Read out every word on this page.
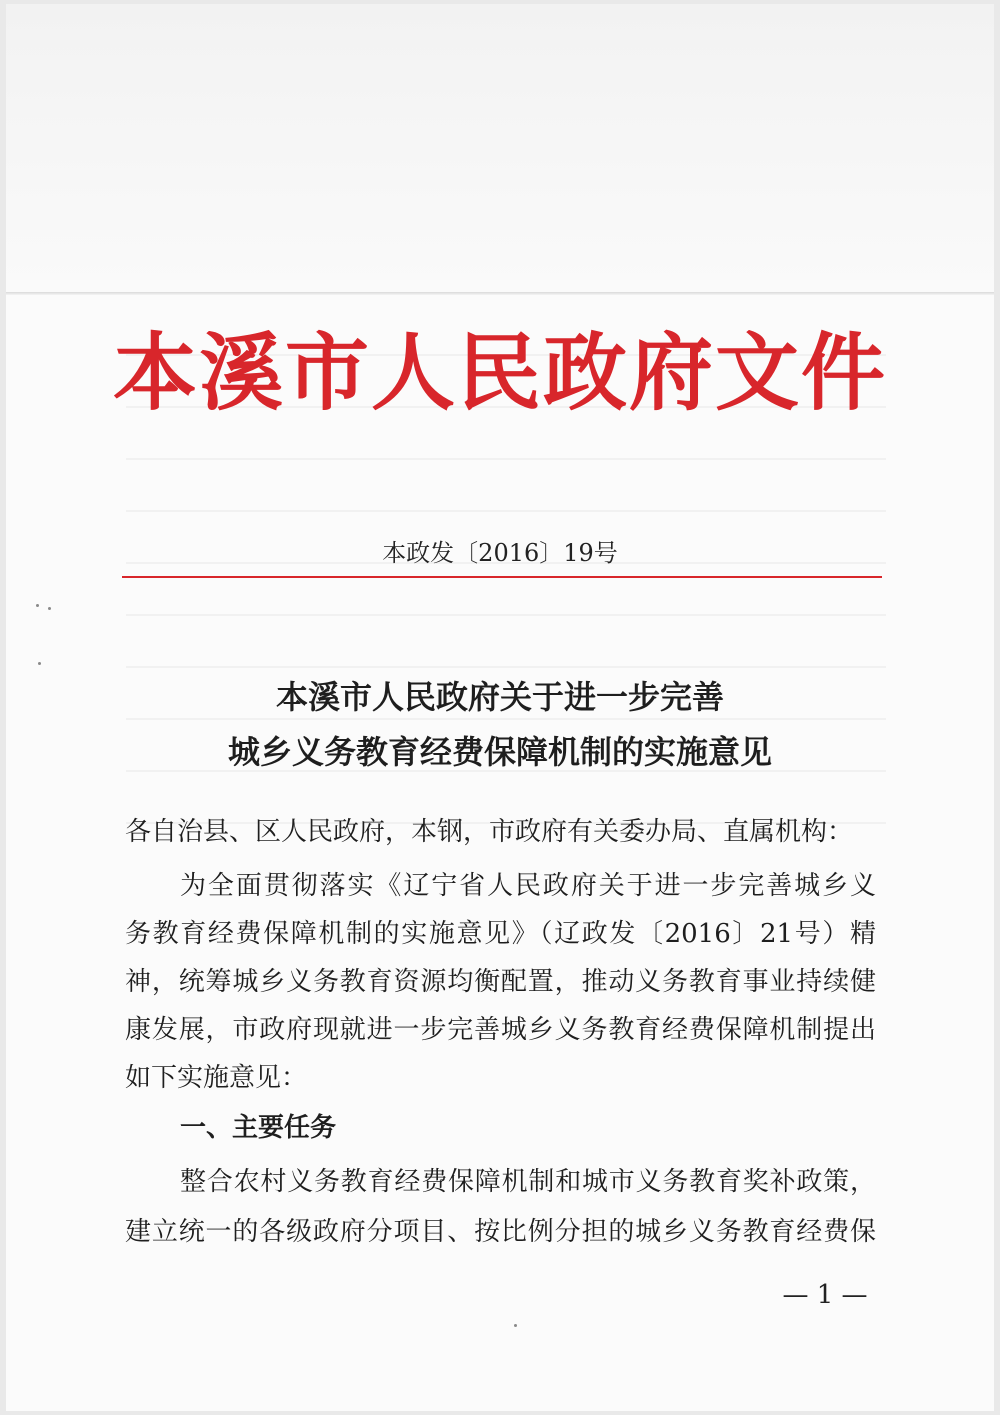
本溪市人民政府文件
本政发〔2016〕19号
本溪市人民政府关于进一步完善
城乡义务教育经费保障机制的实施意见
各自治县、区人民政府，本钢，市政府有关委办局、直属机构：
为全面贯彻落实《辽宁省人民政府关于进一步完善城乡义
务教育经费保障机制的实施意见》（辽政发〔2016〕21号）精
神，统筹城乡义务教育资源均衡配置，推动义务教育事业持续健
康发展，市政府现就进一步完善城乡义务教育经费保障机制提出
如下实施意见：
一、主要任务
整合农村义务教育经费保障机制和城市义务教育奖补政策，
建立统一的各级政府分项目、按比例分担的城乡义务教育经费保
— 1 —
